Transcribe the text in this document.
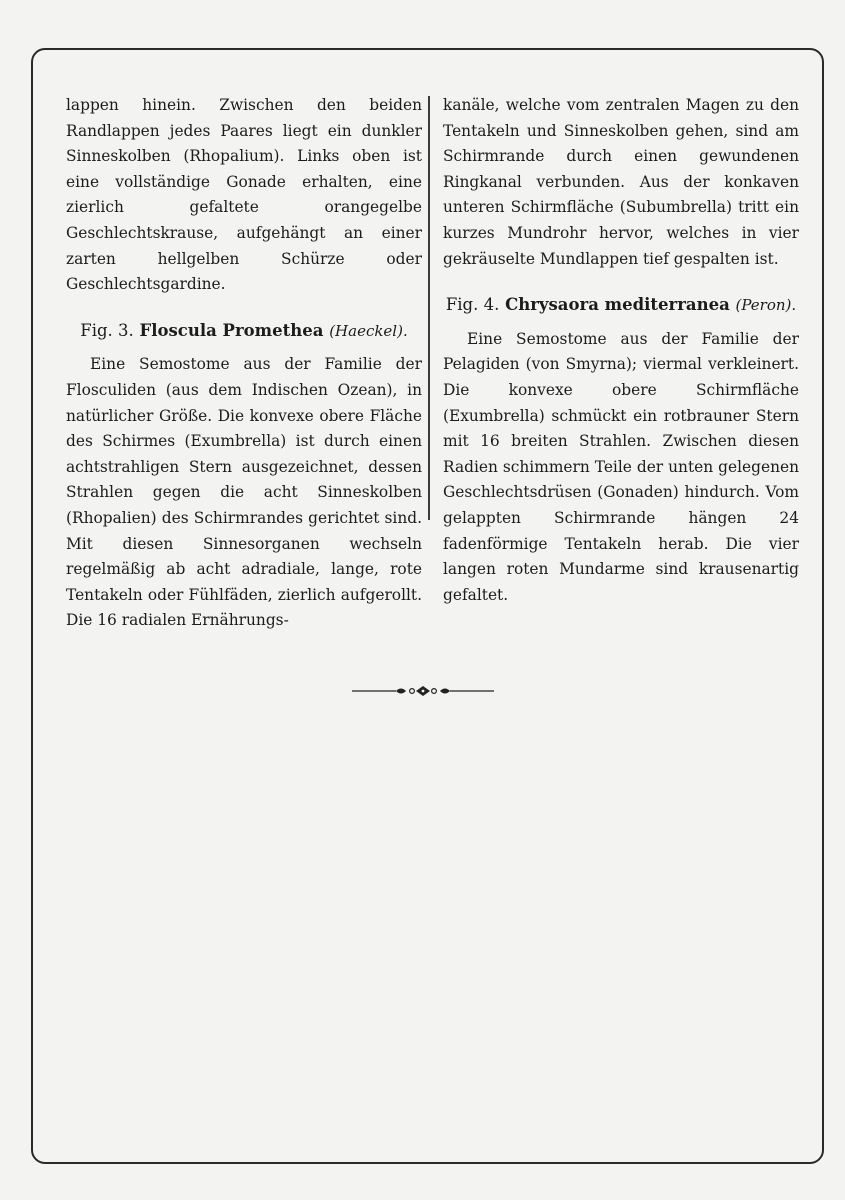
lappen hinein. Zwischen den beiden Randlappen jedes Paares liegt ein dunkler Sinneskolben (Rhopalium). Links oben ist eine vollständige Gonade erhalten, eine zierlich gefaltete orangegelbe Geschlechtskrause, aufgehängt an einer zarten hellgelben Schürze oder Geschlechtsgardine.

Fig. 3. Floscula Promethea (Haeckel).

Eine Semostome aus der Familie der Flosculiden (aus dem Indischen Ozean), in natürlicher Größe. Die konvexe obere Fläche des Schirmes (Exumbrella) ist durch einen achtstrahligen Stern ausgezeichnet, dessen Strahlen gegen die acht Sinneskolben (Rhopalien) des Schirmrandes gerichtet sind. Mit diesen Sinnesorganen wechseln regelmäßig ab acht adradiale, lange, rote Tentakeln oder Fühlfäden, zierlich aufgerollt. Die 16 radialen Ernährungs-

kanäle, welche vom zentralen Magen zu den Tentakeln und Sinneskolben gehen, sind am Schirmrande durch einen gewundenen Ringkanal verbunden. Aus der konkaven unteren Schirmfläche (Subumbrella) tritt ein kurzes Mundrohr hervor, welches in vier gekräuselte Mundlappen tief gespalten ist.

Fig. 4. Chrysaora mediterranea (Peron).

Eine Semostome aus der Familie der Pelagiden (von Smyrna); viermal verkleinert. Die konvexe obere Schirmfläche (Exumbrella) schmückt ein rotbrauner Stern mit 16 breiten Strahlen. Zwischen diesen Radien schimmern Teile der unten gelegenen Geschlechtsdrüsen (Gonaden) hindurch. Vom gelappten Schirmrande hängen 24 fadenförmige Tentakeln herab. Die vier langen roten Mundarme sind krausenartig gefaltet.
